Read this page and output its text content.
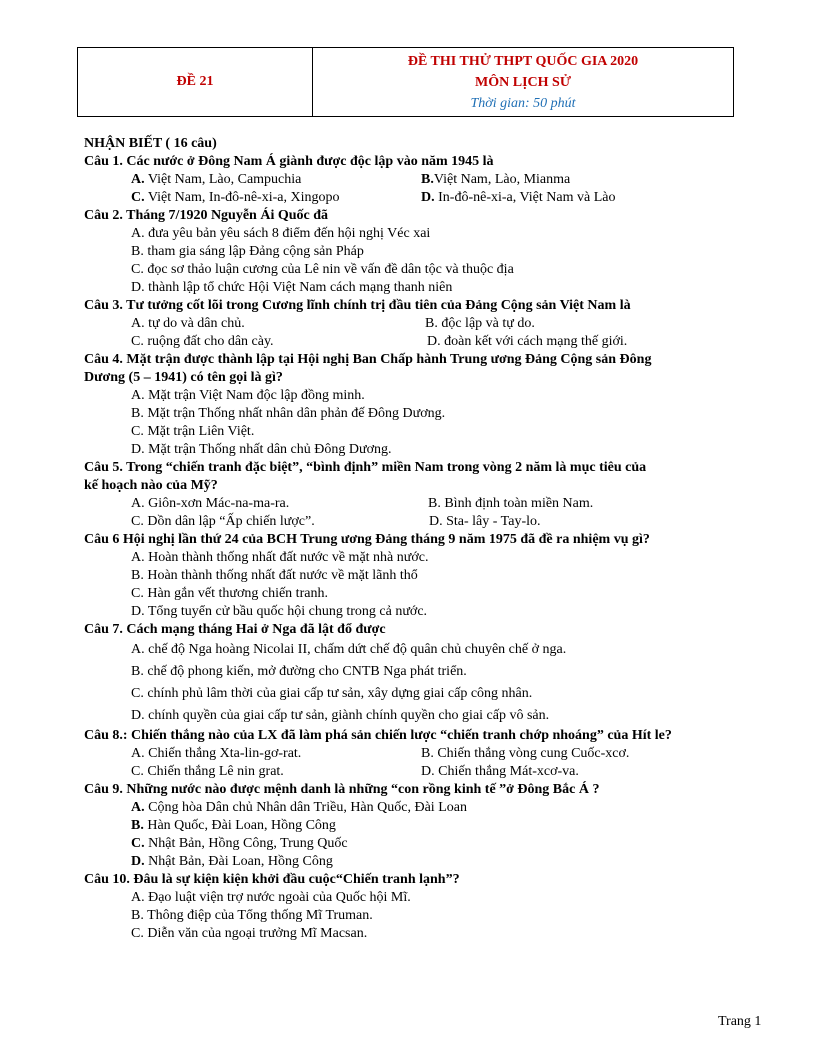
ĐỀ 21	
ĐỀ THI THỬ THPT QUỐC GIA 2020
MÔN LỊCH SỬ
Thời gian: 50 phút
NHẬN BIẾT ( 16 câu)
Câu 1. Các nước ở Đông Nam Á giành được độc lập vào năm 1945 là
A. Việt Nam, Lào, Campuchia	B.Việt Nam, Lào, Mianma
C. Việt Nam, In-đô-nê-xi-a, Xingopo	D. In-đô-nê-xi-a, Việt Nam và Lào
Câu 2. Tháng 7/1920 Nguyễn Ái Quốc đã
A. đưa yêu bản yêu sách 8 điểm đến hội nghị Véc xai
B. tham gia sáng lập Đảng cộng sản Pháp
C. đọc sơ thảo luận cương của Lê nin về vấn đề dân tộc và thuộc địa
D. thành lập tổ chức Hội Việt Nam cách mạng thanh niên
Câu 3. Tư tưởng cốt lõi trong Cương lĩnh chính trị đầu tiên của Đảng Cộng sản Việt Nam là
A. tự do và dân chủ.	B. độc lập và tự do.
C. ruộng đất cho dân cày.	D. đoàn kết với cách mạng thế giới.
Câu 4. Mặt trận được thành lập tại Hội nghị Ban Chấp hành Trung ương Đảng Cộng sản Đông
Dương (5 – 1941) có tên gọi là gì?
A. Mặt trận Việt Nam độc lập đồng minh.
B. Mặt trận Thống nhất nhân dân phản đế Đông Dương.
C. Mặt trận Liên Việt.
D. Mặt trận Thống nhất dân chủ Đông Dương.
Câu 5. Trong “chiến tranh đặc biệt”, “bình định” miền Nam trong vòng 2 năm là mục tiêu của
kế hoạch nào của Mỹ?
A. Giôn-xơn Mác-na-ma-ra.	B. Bình định toàn miền Nam.
C. Dồn dân lập “Ấp chiến lược”.	D. Sta- lây - Tay-lo.
Câu 6 Hội nghị lần thứ 24 của BCH Trung ương Đảng tháng 9 năm 1975 đã đề ra nhiệm vụ gì?
A. Hoàn thành thống nhất đất nước về mặt nhà nước.
B. Hoàn thành thống nhất đất nước về mặt lãnh thổ
C. Hàn gắn vết thương chiến tranh.
D. Tổng tuyển cử bầu quốc hội chung trong cả nước.
Câu 7. Cách mạng tháng Hai ở Nga đã lật đổ được
A. chế độ Nga hoàng Nicolai II, chấm dứt chế độ quân chủ chuyên chế ở nga.
B. chế độ phong kiến, mở đường cho CNTB Nga phát triển.
C. chính phủ lâm thời của giai cấp tư sản, xây dựng giai cấp công nhân.
D. chính quyền của giai cấp tư sản, giành chính quyền cho giai cấp vô sản.
Câu 8.: Chiến thắng nào của LX đã làm phá sản chiến lược “chiến tranh chớp nhoáng” của Hít le?
A. Chiến thắng Xta-lin-gơ-rat.	B. Chiến thắng vòng cung Cuốc-xcơ.
C. Chiến thắng Lê nin grat.	D. Chiến thắng Mát-xcơ-va.
Câu 9. Những nước nào được mệnh danh là những “con rồng kinh tế ”ở Đông Bắc Á ?
A. Cộng hòa Dân chủ Nhân dân Triều, Hàn Quốc, Đài Loan
B. Hàn Quốc, Đài Loan, Hồng Công
C. Nhật Bản, Hồng Công, Trung Quốc
D. Nhật Bản, Đài Loan, Hồng Công
Câu 10. Đâu là sự kiện kiện khởi đầu cuộc“Chiến tranh lạnh”?
A. Đạo luật viện trợ nước ngoài của Quốc hội Mĩ.
B. Thông điệp của Tổng thống Mĩ Truman.
C. Diễn văn của ngoại trưởng Mĩ Macsan.
Trang 1
